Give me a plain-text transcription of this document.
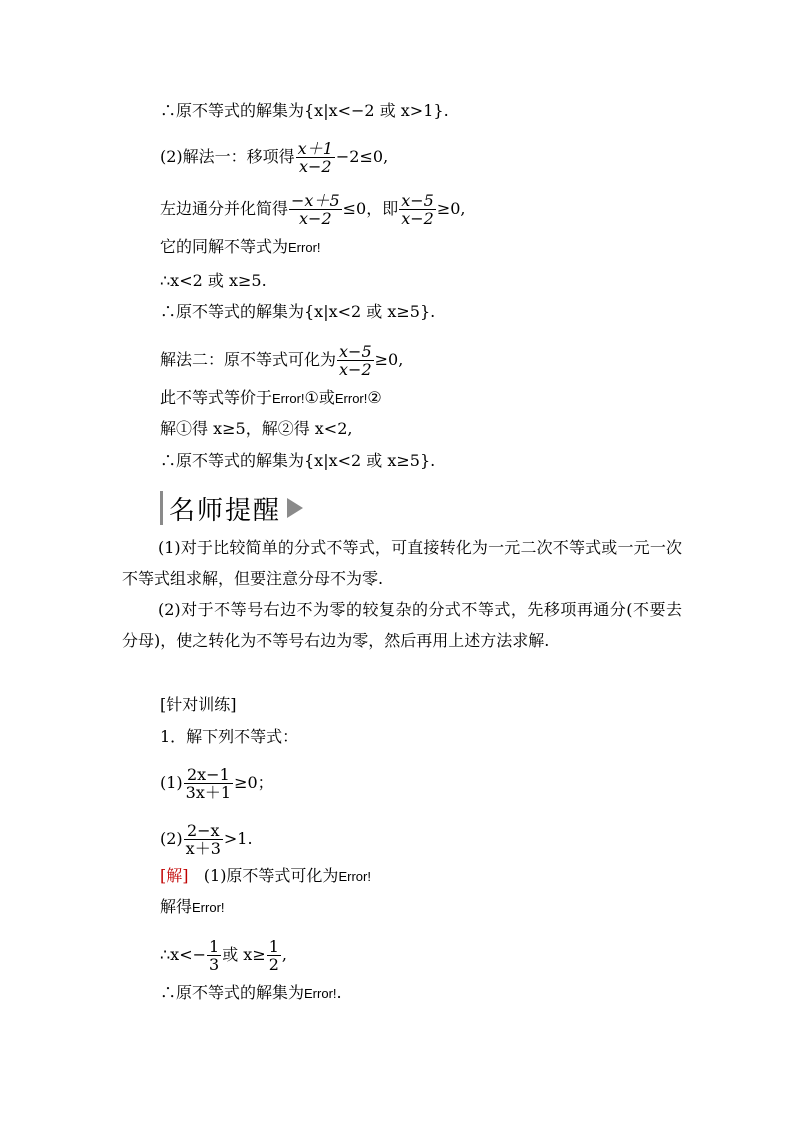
∴原不等式的解集为{x|x<−2 或 x>1}.
(2)解法一：移项得 $\frac{x+1}{x-2} -2\le 0$,
左边通分并化简得 $\frac{-x+5}{x-2} \le 0$，即 $\frac{x-5}{x-2} \ge 0$,
它的同解不等式为Error!
∴x<2 或 x≥5.
∴原不等式的解集为{x|x<2 或 x≥5}.
解法二：原不等式可化为 $\frac{x-5}{x-2} \ge 0$,
此不等式等价于Error!①或Error!②
解①得 x≥5，解②得 x<2,
∴原不等式的解集为{x|x<2 或 x≥5}.
名师提醒
(1)对于比较简单的分式不等式，可直接转化为一元二次不等式或一元一次不等式组求解，但要注意分母不为零.
(2)对于不等号右边不为零的较复杂的分式不等式，先移项再通分(不要去分母)，使之转化为不等号右边为零，然后再用上述方法求解.
[针对训练]
1．解下列不等式：
$(1) \frac{2x-1}{3x+1} \ge 0$；
$(2) \frac{2-x}{x+3} >1$.
[解] (1)原不等式可化为Error!
解得Error!
∴x<− $\frac{1}{3}$ 或 $x\ge \frac{1}{2}$ ,
∴原不等式的解集为Error!.
